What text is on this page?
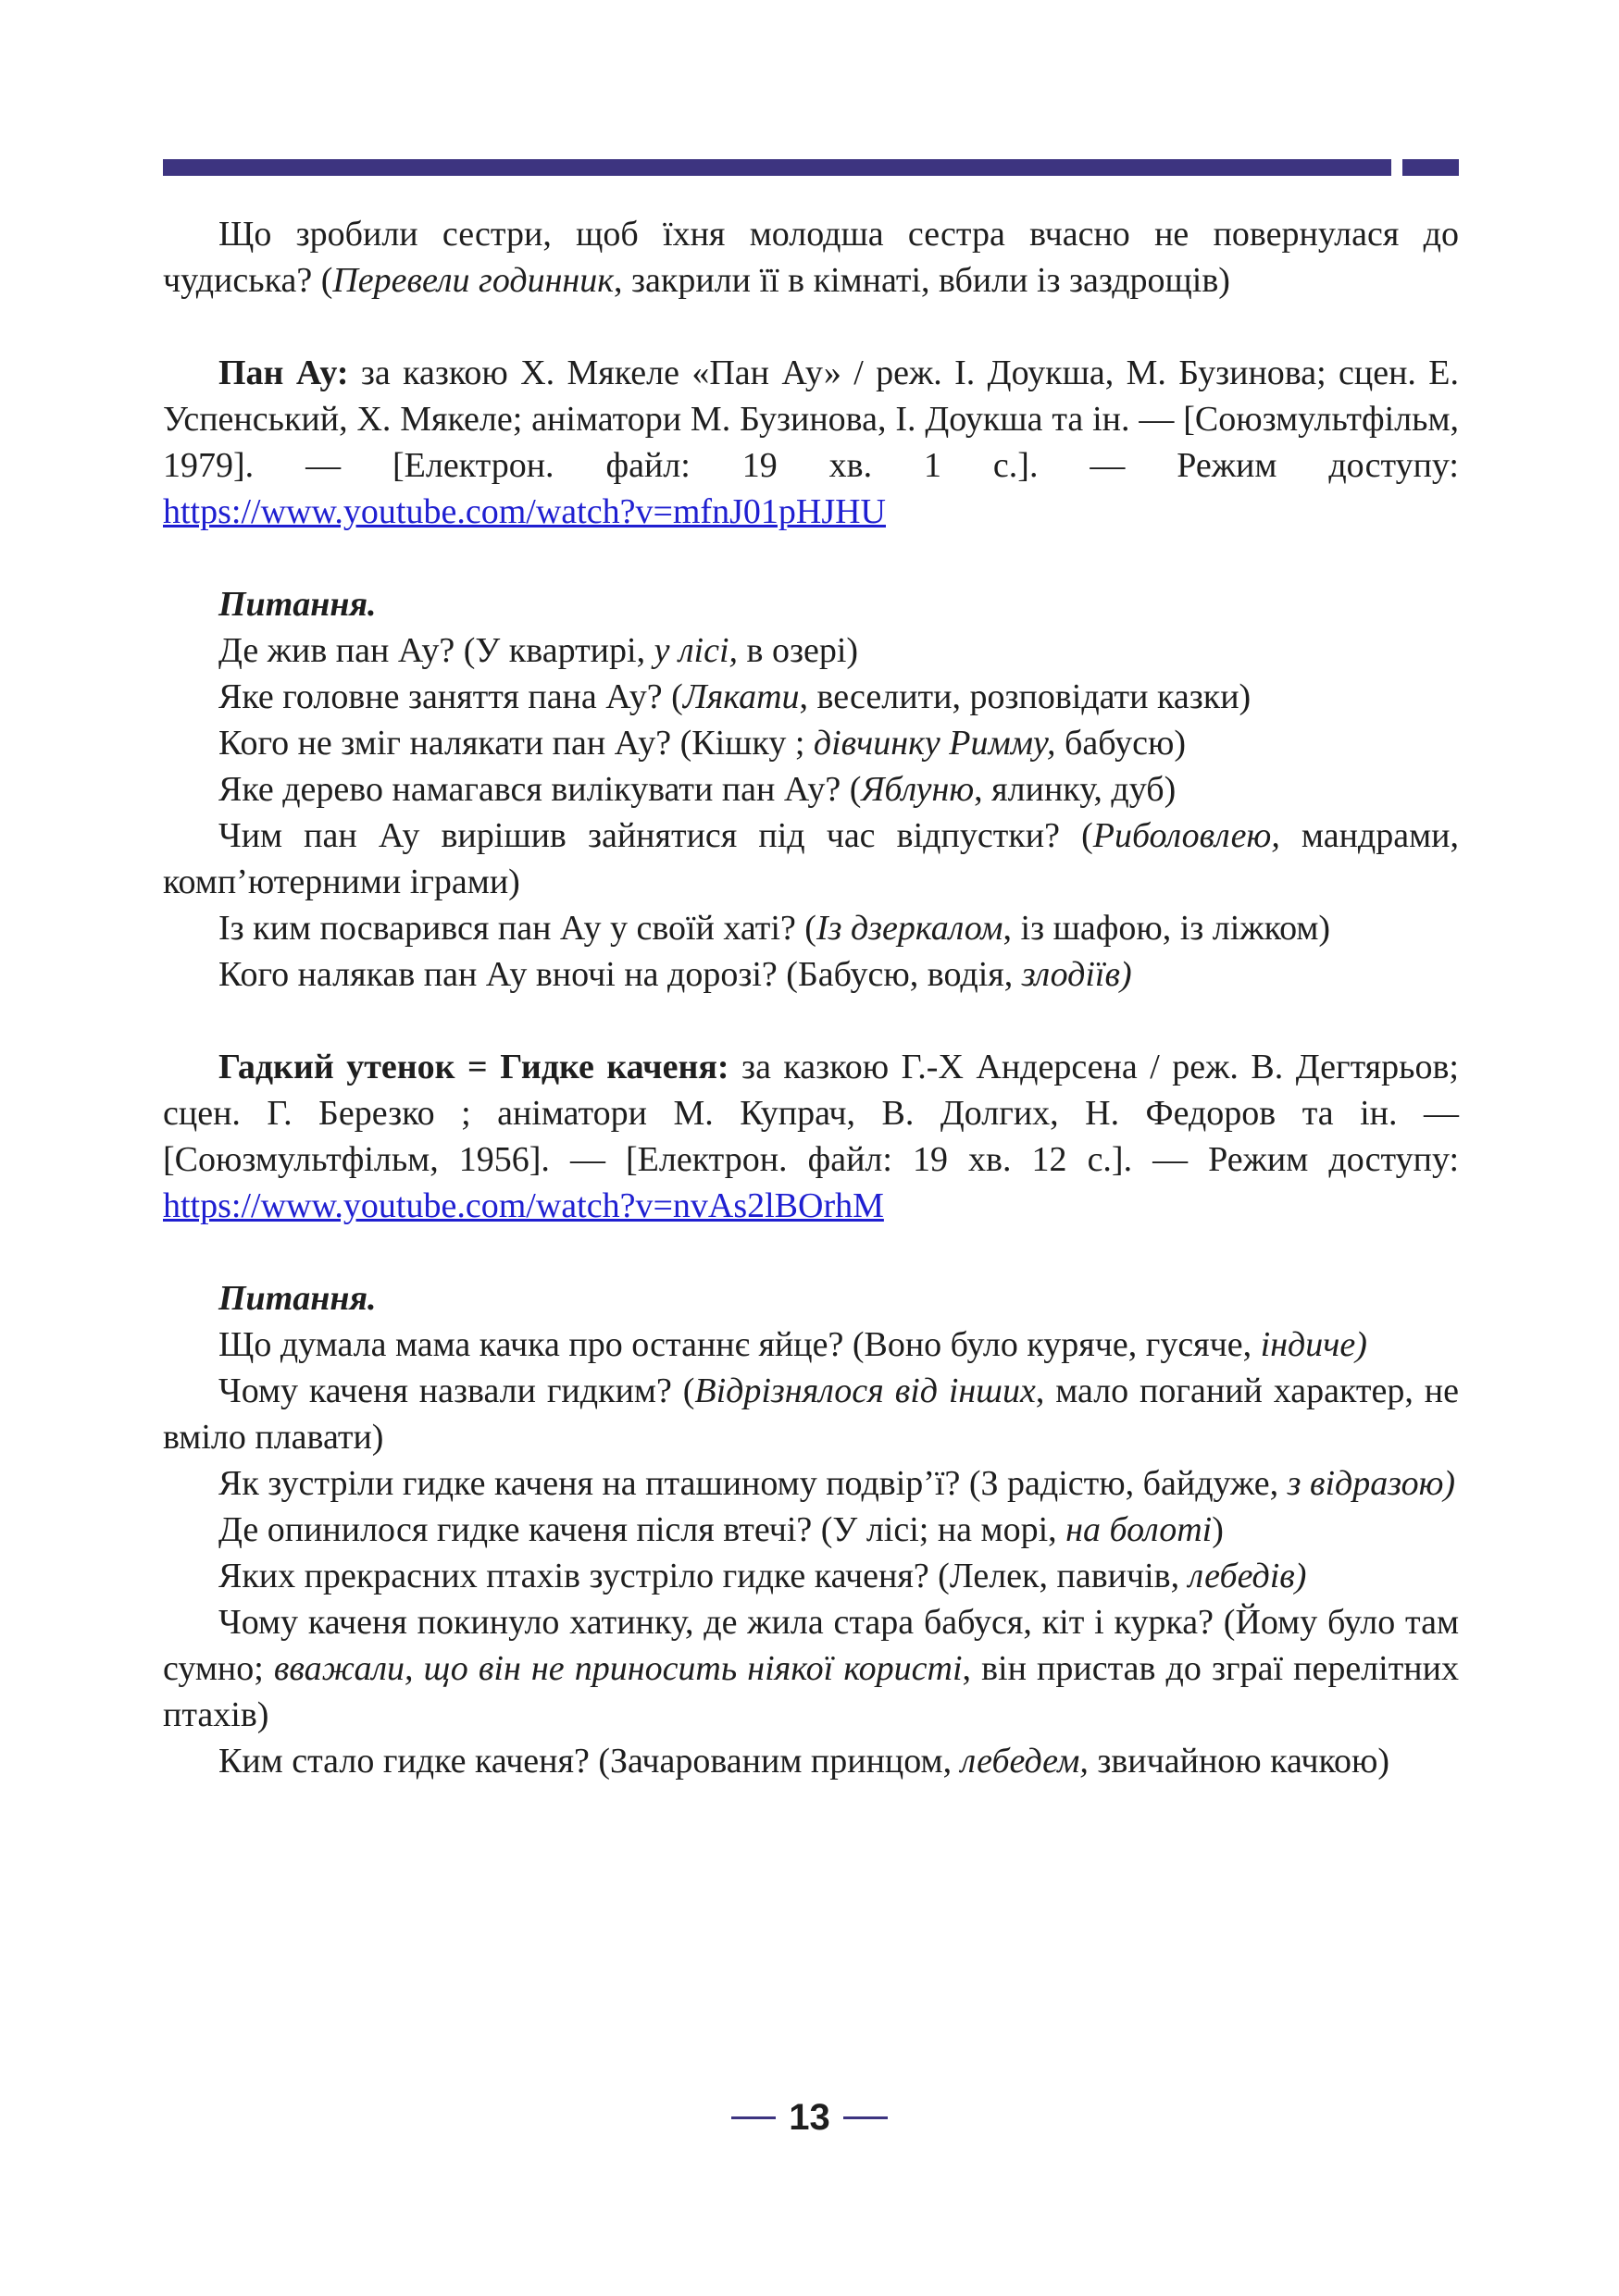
Що зробили сестри, щоб їхня молодша сестра вчасно не повернулася до чудиська? (Перевели годинник, закрили її в кімнаті, вбили із заздрощів)

Пан Ау: за казкою Х. Мякеле «Пан Ау» / реж. І. Доукша, М. Бузинова; сцен. Е. Успенський, Х. Мякеле; аніматори М. Бузинова, І. Доукша та ін. — [Союзмультфільм, 1979]. — [Електрон. файл: 19 хв. 1 с.]. — Режим доступу: https://www.youtube.com/watch?v=mfnJ01pHJHU

Питання.

Де жив пан Ау? (У квартирі, у лісі, в озері)

Яке головне заняття пана Ау? (Лякати, веселити, розповідати казки)

Кого не зміг налякати пан Ау? (Кішку ; дівчинку Римму, бабусю)

Яке дерево намагався вилікувати пан Ау? (Яблуню, ялинку, дуб)

Чим пан Ау вирішив зайнятися під час відпустки? (Риболовлею, мандрами, комп’ютерними іграми)

Із ким посварився пан Ау у своїй хаті? (Із дзеркалом, із шафою, із ліжком)

Кого налякав пан Ау вночі на дорозі? (Бабусю, водія, злодіїв)

Гадкий утенок = Гидке каченя: за казкою Г.-Х Андерсена / реж. В. Дегтярьов; сцен. Г. Березко ; аніматори М. Купрач, В. Долгих, Н. Федоров та ін. — [Союзмультфільм, 1956]. — [Електрон. файл: 19 хв. 12 с.]. — Режим доступу: https://www.youtube.com/watch?v=nvAs2lBOrhM

Питання.

Що думала мама качка про останнє яйце? (Воно було куряче, гусяче, індиче)

Чому каченя назвали гидким? (Відрізнялося від інших, мало поганий характер, не вміло плавати)

Як зустріли гидке каченя на пташиному подвір’ї? (З радістю, байдуже, з відразою)

Де опинилося гидке каченя після втечі? (У лісі; на морі, на болоті)

Яких прекрасних птахів зустріло гидке каченя? (Лелек, павичів, лебедів)

Чому каченя покинуло хатинку, де жила стара бабуся, кіт і курка? (Йому було там сумно; вважали, що він не приносить ніякої користі, він пристав до зграї перелітних птахів)

Ким стало гидке каченя? (Зачарованим принцом, лебедем, звичайною качкою)

13
